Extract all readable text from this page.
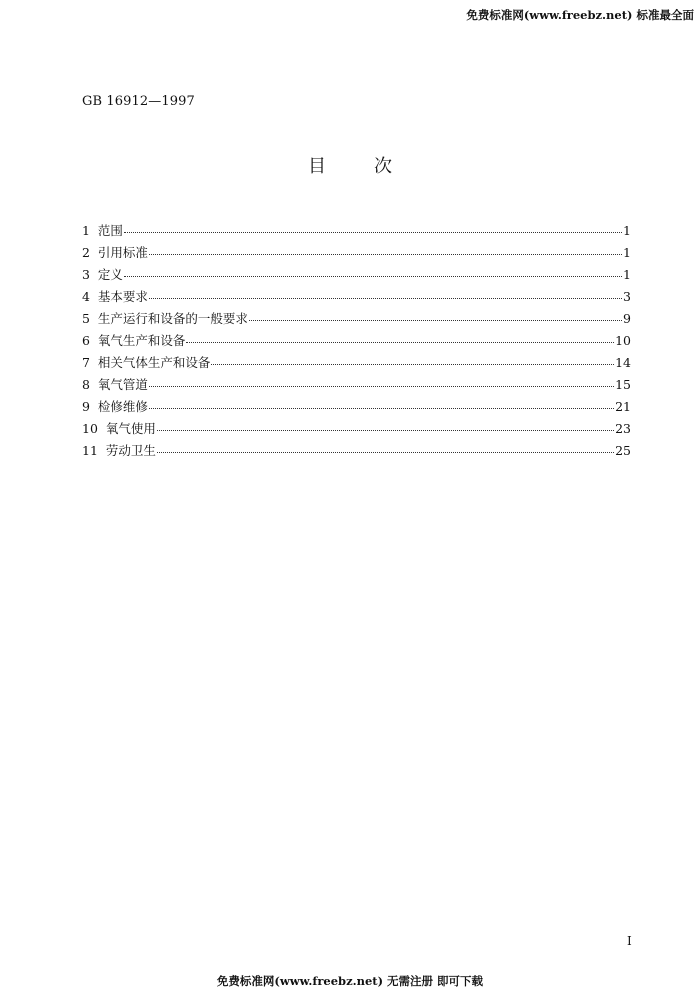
免费标准网(www.freebz.net) 标准最全面
GB 16912—1997
目次
1 范围	1
2 引用标准	1
3 定义	1
4 基本要求	3
5 生产运行和设备的一般要求	9
6 氧气生产和设备	10
7 相关气体生产和设备	14
8 氧气管道	15
9 检修维修	21
10 氧气使用	23
11 劳动卫生	25
I
免费标准网(www.freebz.net) 无需注册 即可下载
